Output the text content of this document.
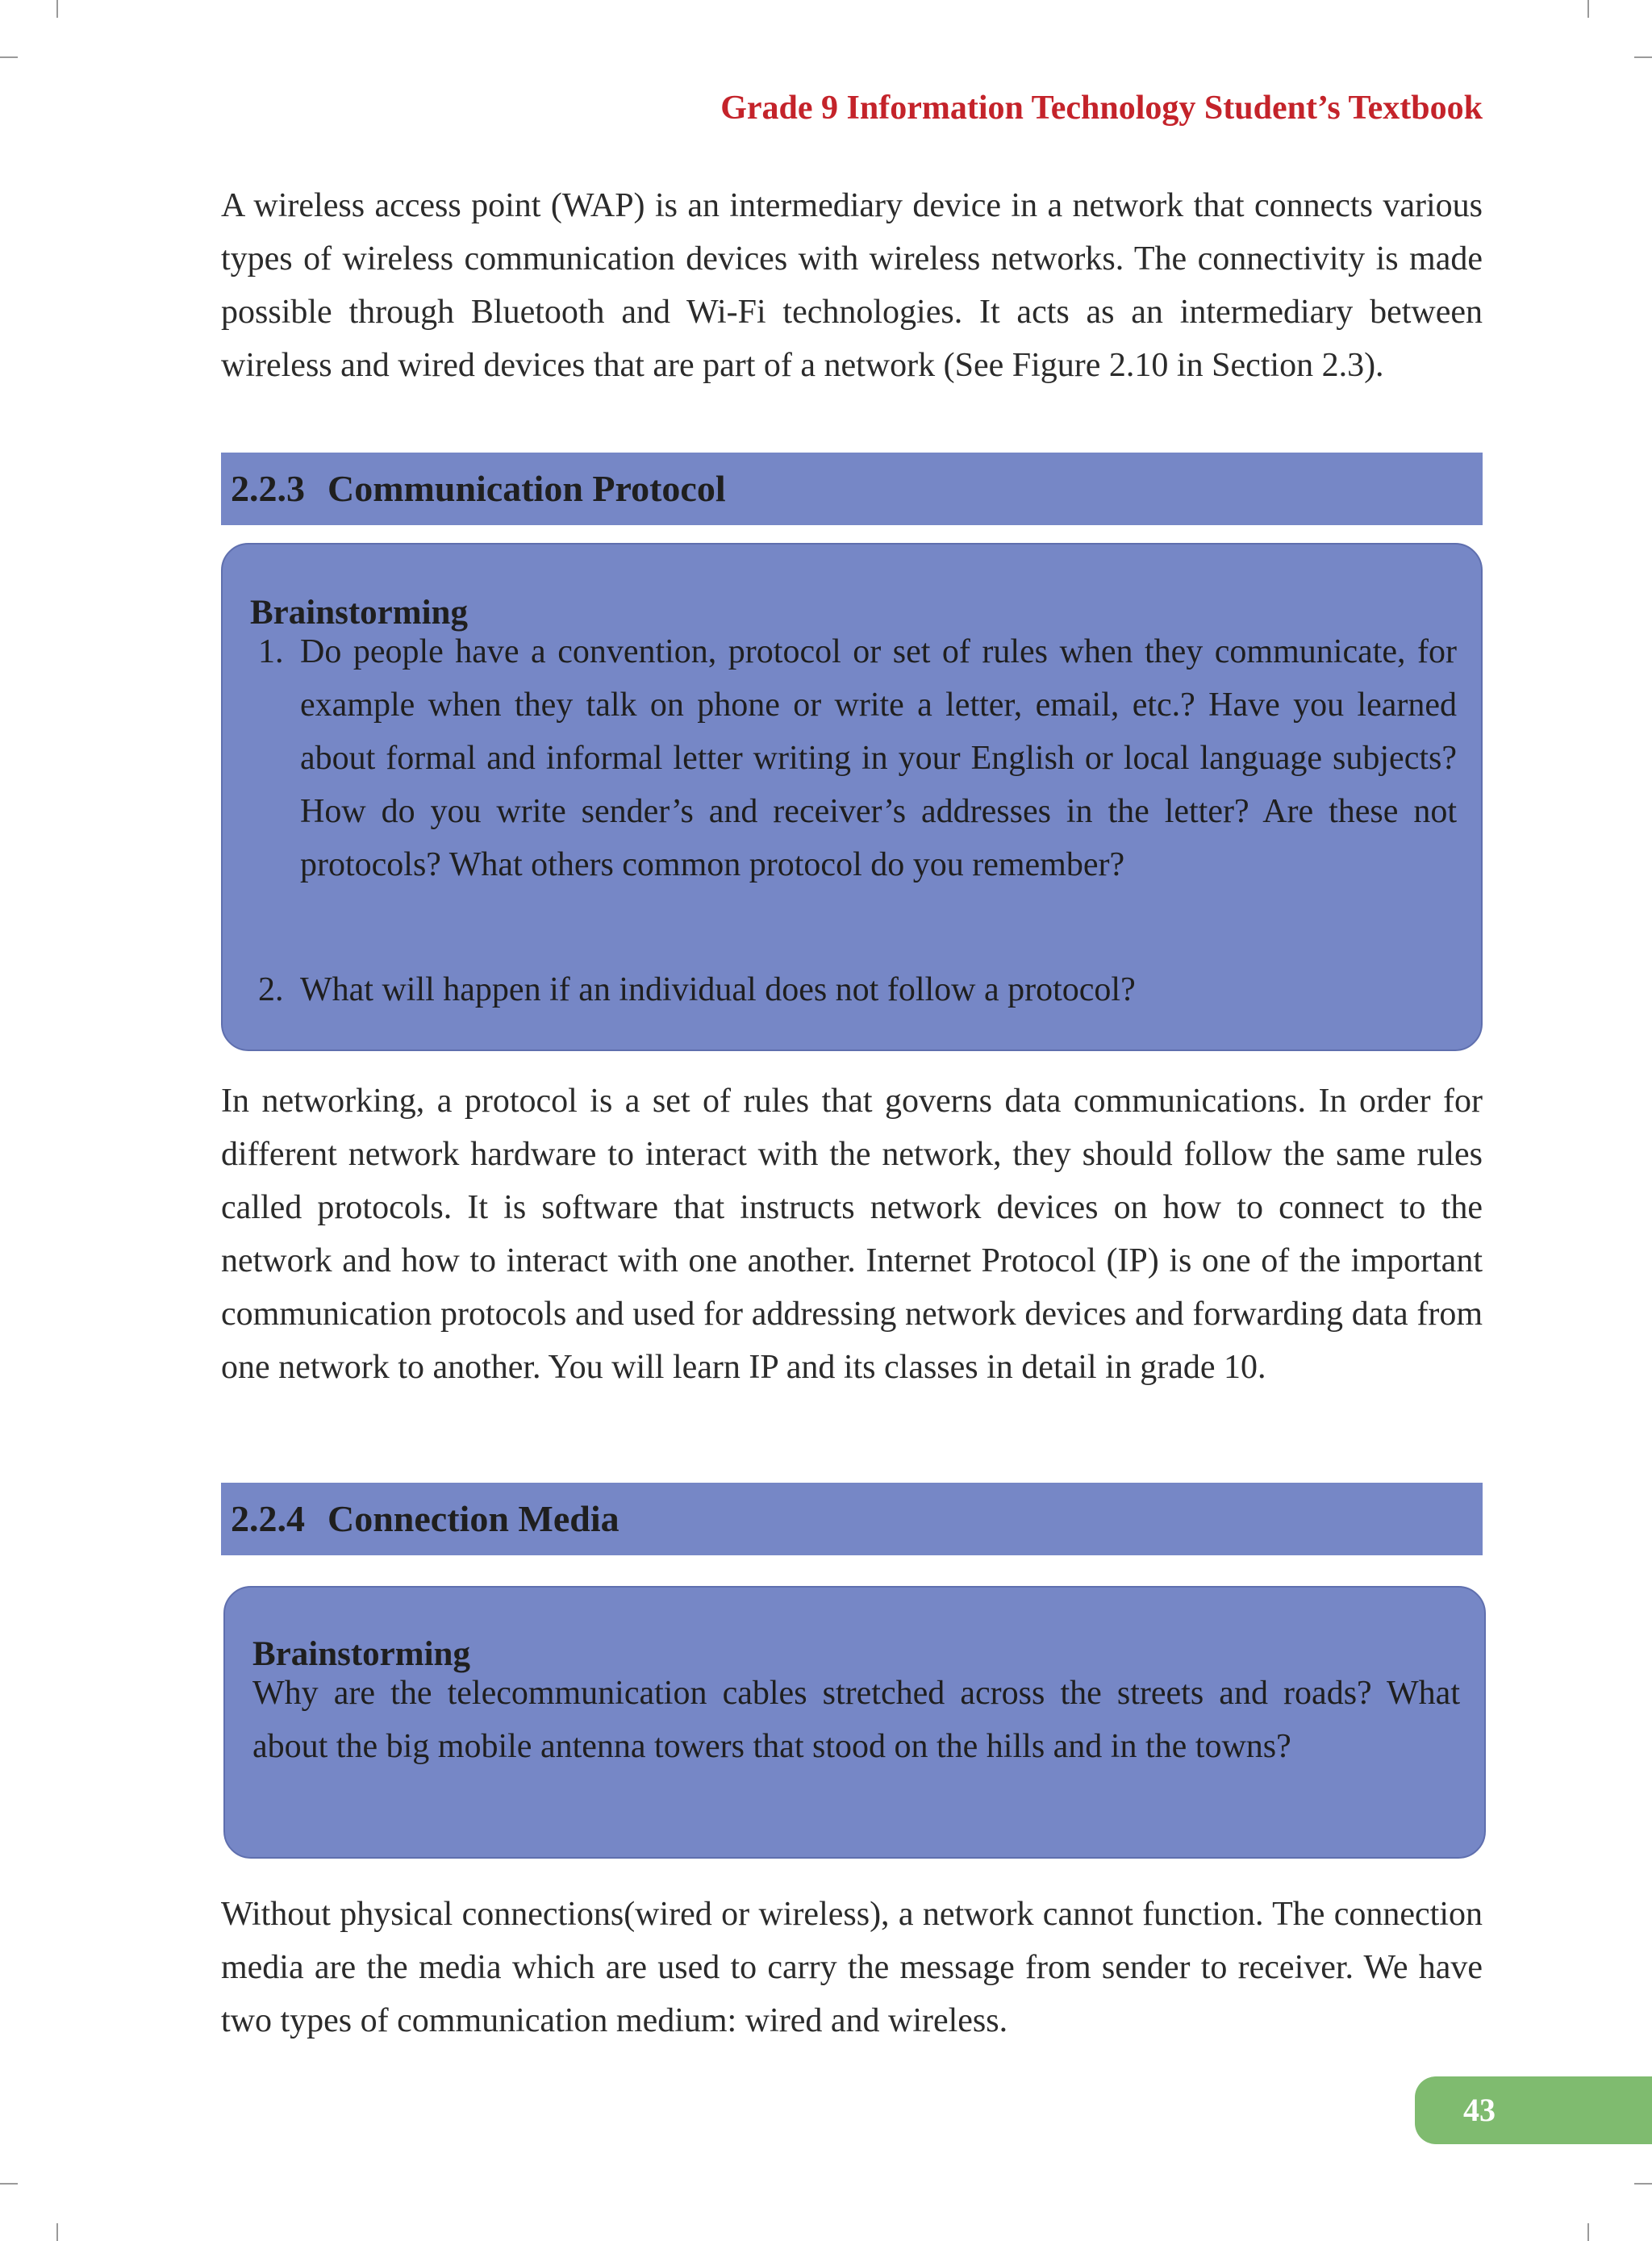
Grade 9 Information Technology Student’s Textbook

A wireless access point (WAP) is an intermediary device in a network that connects various types of wireless communication devices with wireless networks. The connectivity is made possible through Bluetooth and Wi-Fi technologies. It acts as an intermediary between wireless and wired devices that are part of a network (See Figure 2.10 in Section 2.3).

2.2.3 Communication Protocol
Brainstorming
1. Do people have a convention, protocol or set of rules when they communicate, for example when they talk on phone or write a letter, email, etc.? Have you learned about formal and informal letter writing in your English or local language subjects? How do you write sender’s and receiver’s addresses in the letter? Are these not protocols? What others common protocol do you remember?

2. What will happen if an individual does not follow a protocol?

In networking, a protocol is a set of rules that governs data communications. In order for different network hardware to interact with the network, they should follow the same rules called protocols. It is software that instructs network devices on how to connect to the network and how to interact with one another. Internet Protocol (IP) is one of the important communication protocols and used for addressing network devices and forwarding data from one network to another. You will learn IP and its classes in detail in grade 10.

2.2.4 Connection Media
Brainstorming

Why are the telecommunication cables stretched across the streets and roads? What about the big mobile antenna towers that stood on the hills and in the towns?

Without physical connections(wired or wireless), a network cannot function. The connection media are the media which are used to carry the message from sender to receiver. We have two types of communication medium: wired and wireless.

43
